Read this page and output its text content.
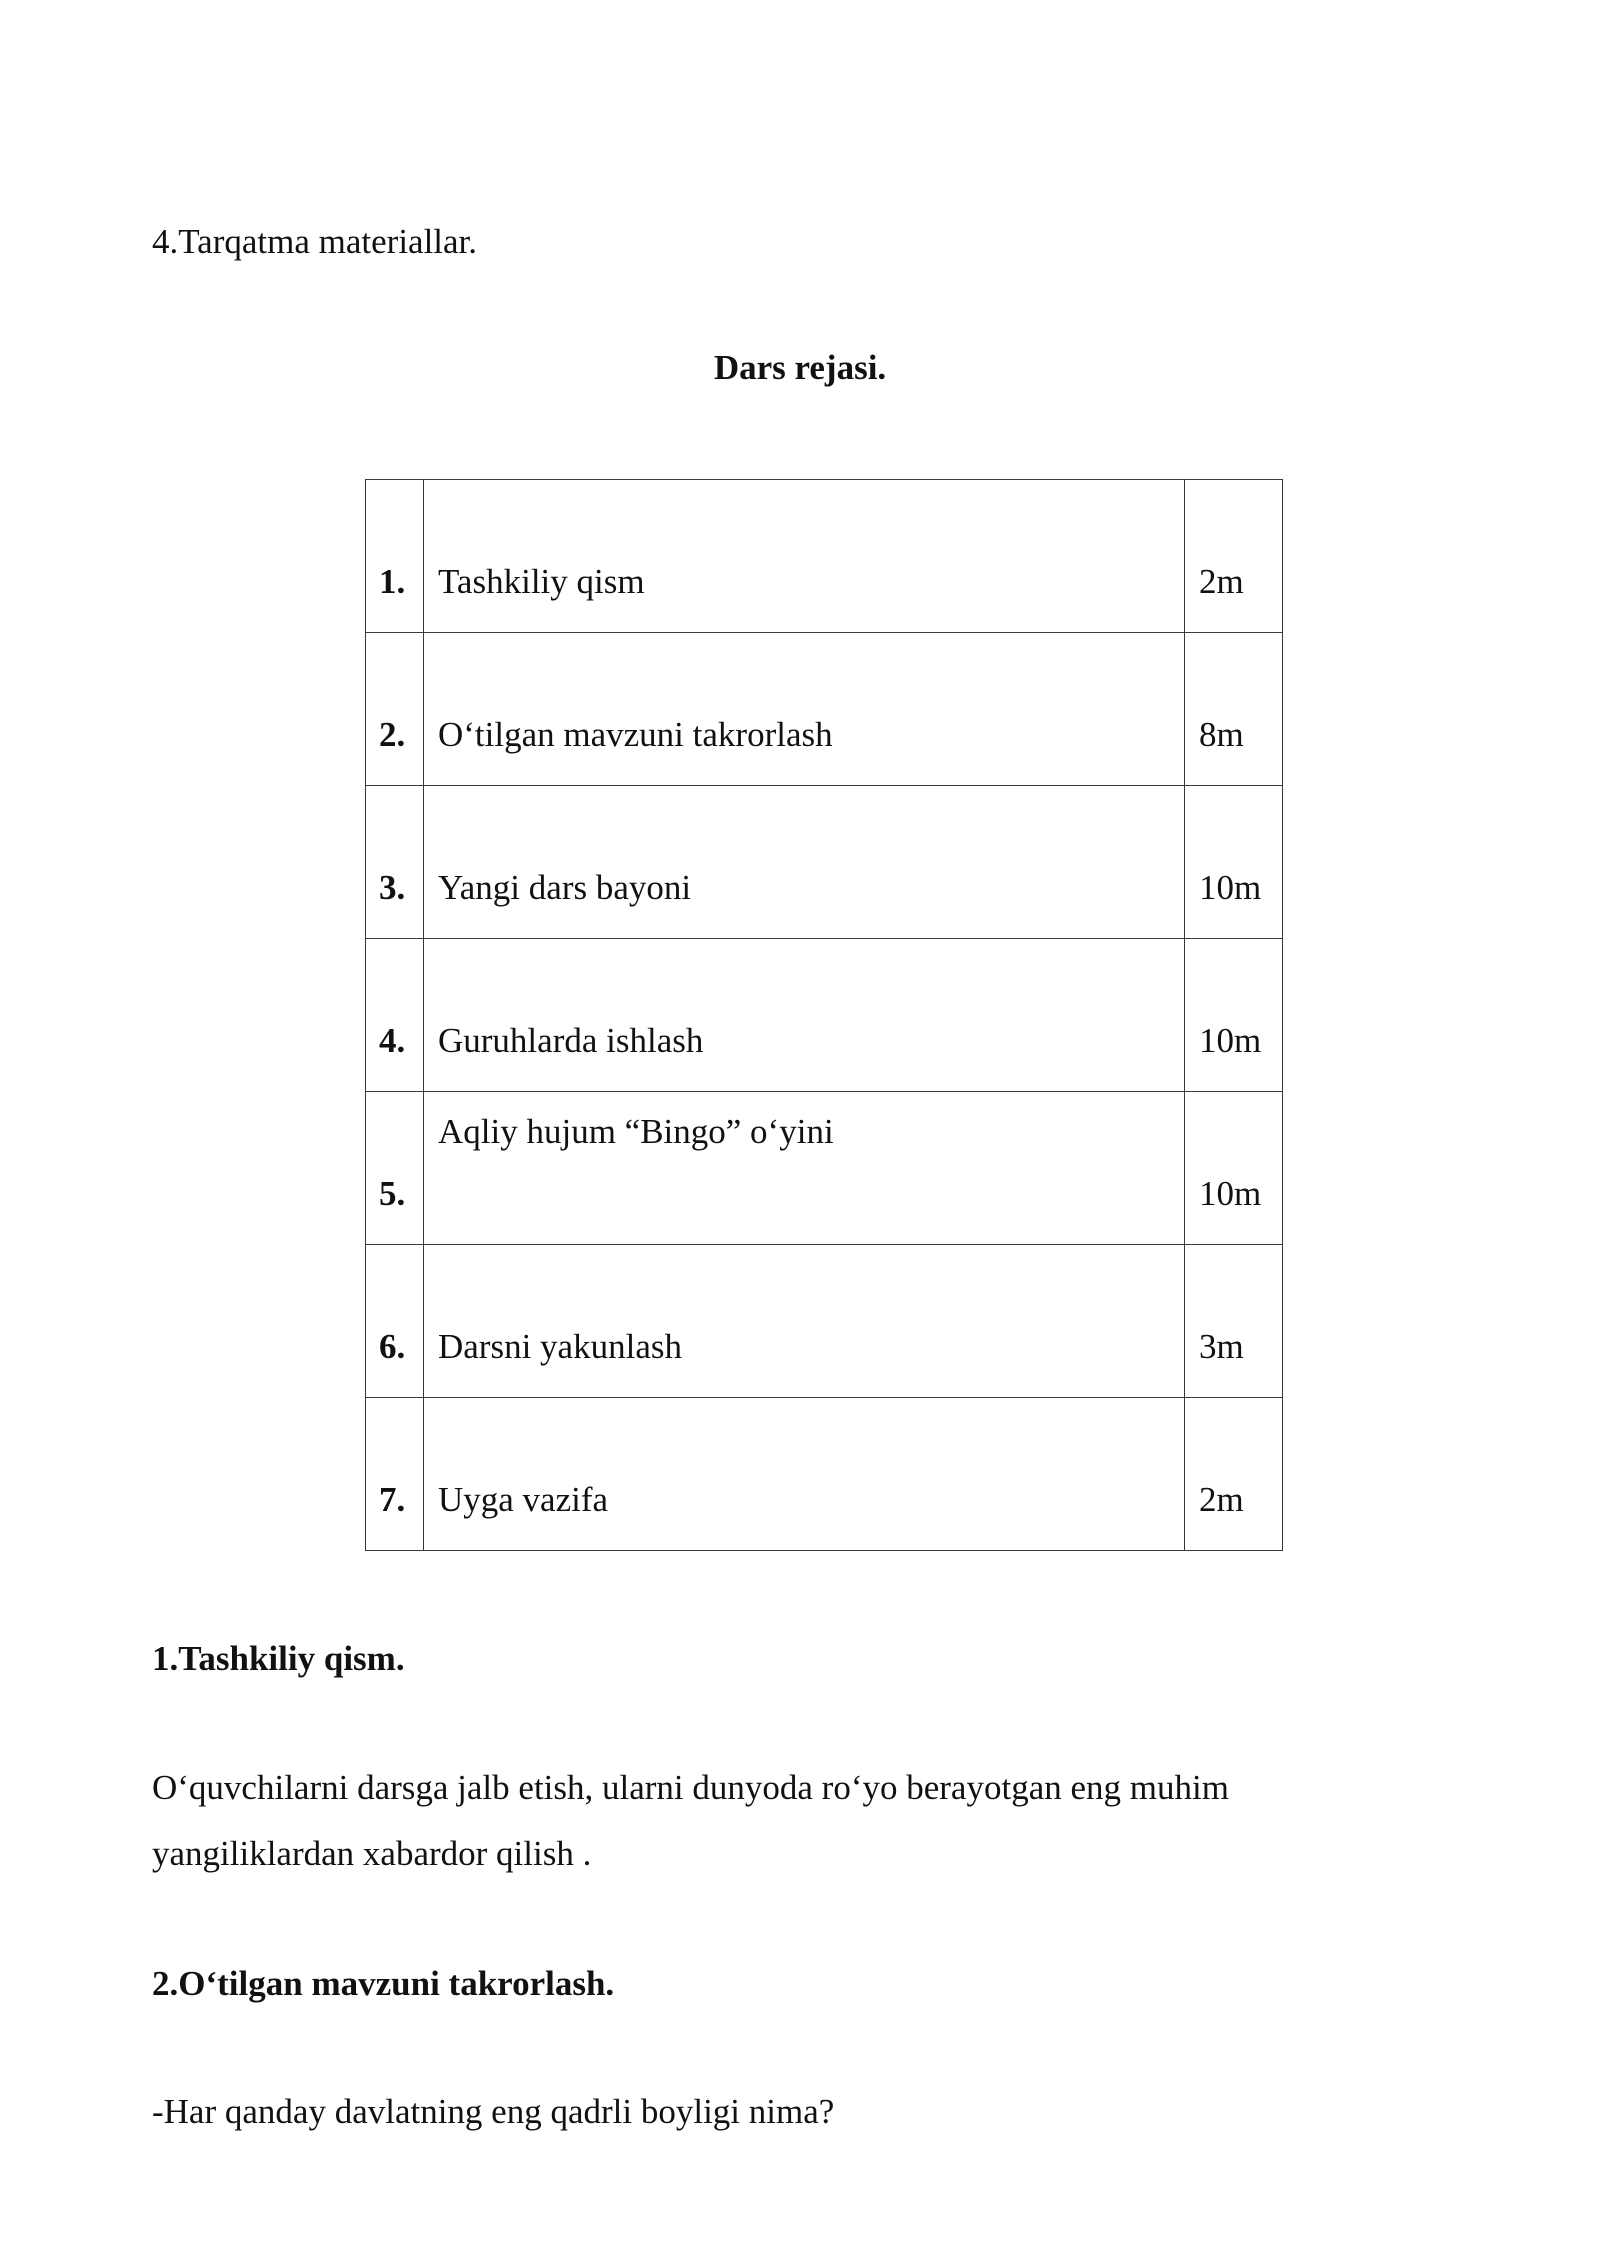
4.Tarqatma materiallar.
Dars rejasi.
1.	Tashkiliy qism	2m

2.	O‘tilgan mavzuni takrorlash	8m

3.	Yangi dars bayoni	10m

4.	Guruhlarda ishlash	10m

5.	Aqliy hujum “Bingo” o‘yini	10m

6.	Darsni yakunlash	3m

7.	Uyga vazifa	2m
1.Tashkiliy qism.
O‘quvchilarni darsga jalb etish, ularni dunyoda ro‘yo berayotgan eng muhim
yangiliklardan xabardor qilish .
2.O‘tilgan mavzuni takrorlash.
-Har qanday davlatning eng qadrli boyligi nima?
